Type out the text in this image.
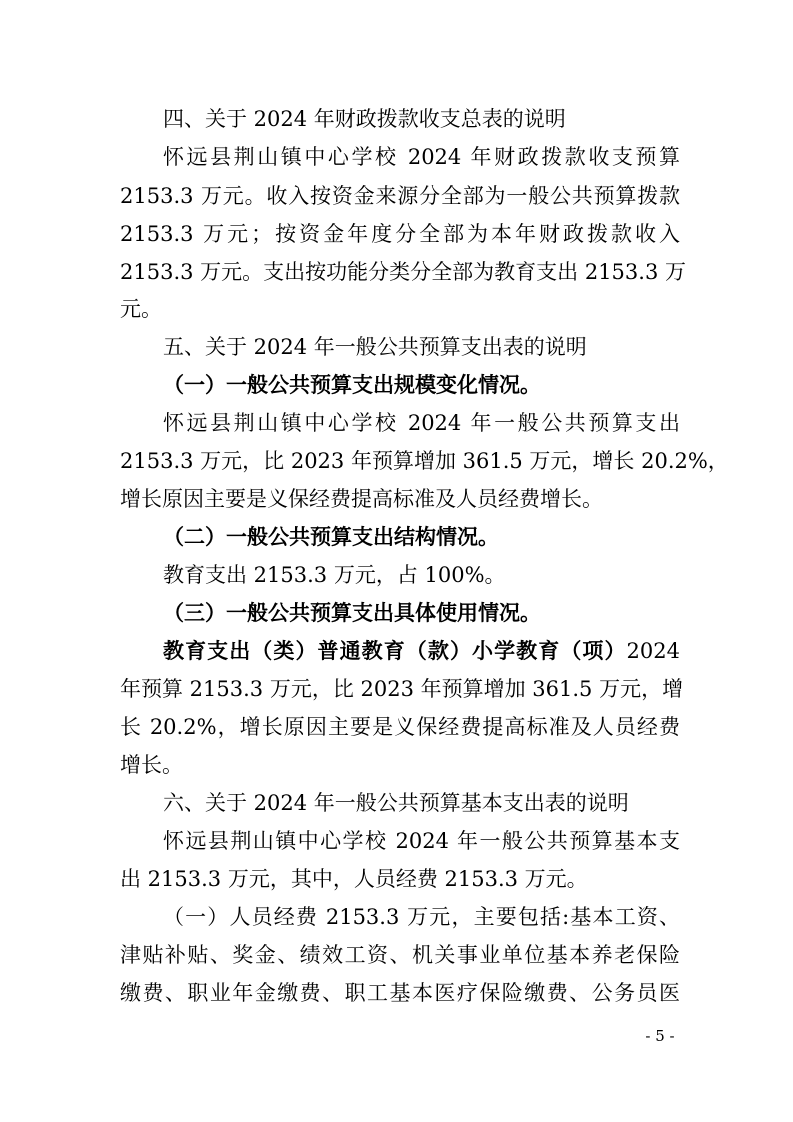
四、关于 2024 年财政拨款收支总表的说明
怀远县荆山镇中心学校 2024 年财政拨款收支预算
2153.3 万元。收入按资金来源分全部为一般公共预算拨款
2153.3 万元；按资金年度分全部为本年财政拨款收入
2153.3 万元。支出按功能分类分全部为教育支出 2153.3 万
元。
五、关于 2024 年一般公共预算支出表的说明
（一）一般公共预算支出规模变化情况。
怀远县荆山镇中心学校 2024 年一般公共预算支出
2153.3 万元，比 2023 年预算增加 361.5 万元，增长 20.2%，
增长原因主要是义保经费提高标准及人员经费增长。
（二）一般公共预算支出结构情况。
教育支出 2153.3 万元，占 100%。
（三）一般公共预算支出具体使用情况。
教育支出（类）普通教育（款）小学教育（项）2024
年预算 2153.3 万元，比 2023 年预算增加 361.5 万元，增
长 20.2%，增长原因主要是义保经费提高标准及人员经费
增长。
六、关于 2024 年一般公共预算基本支出表的说明
怀远县荆山镇中心学校 2024 年一般公共预算基本支
出 2153.3 万元，其中，人员经费 2153.3 万元。
（一）人员经费 2153.3 万元，主要包括:基本工资、
津贴补贴、奖金、绩效工资、机关事业单位基本养老保险
缴费、职业年金缴费、职工基本医疗保险缴费、公务员医
- 5 -
